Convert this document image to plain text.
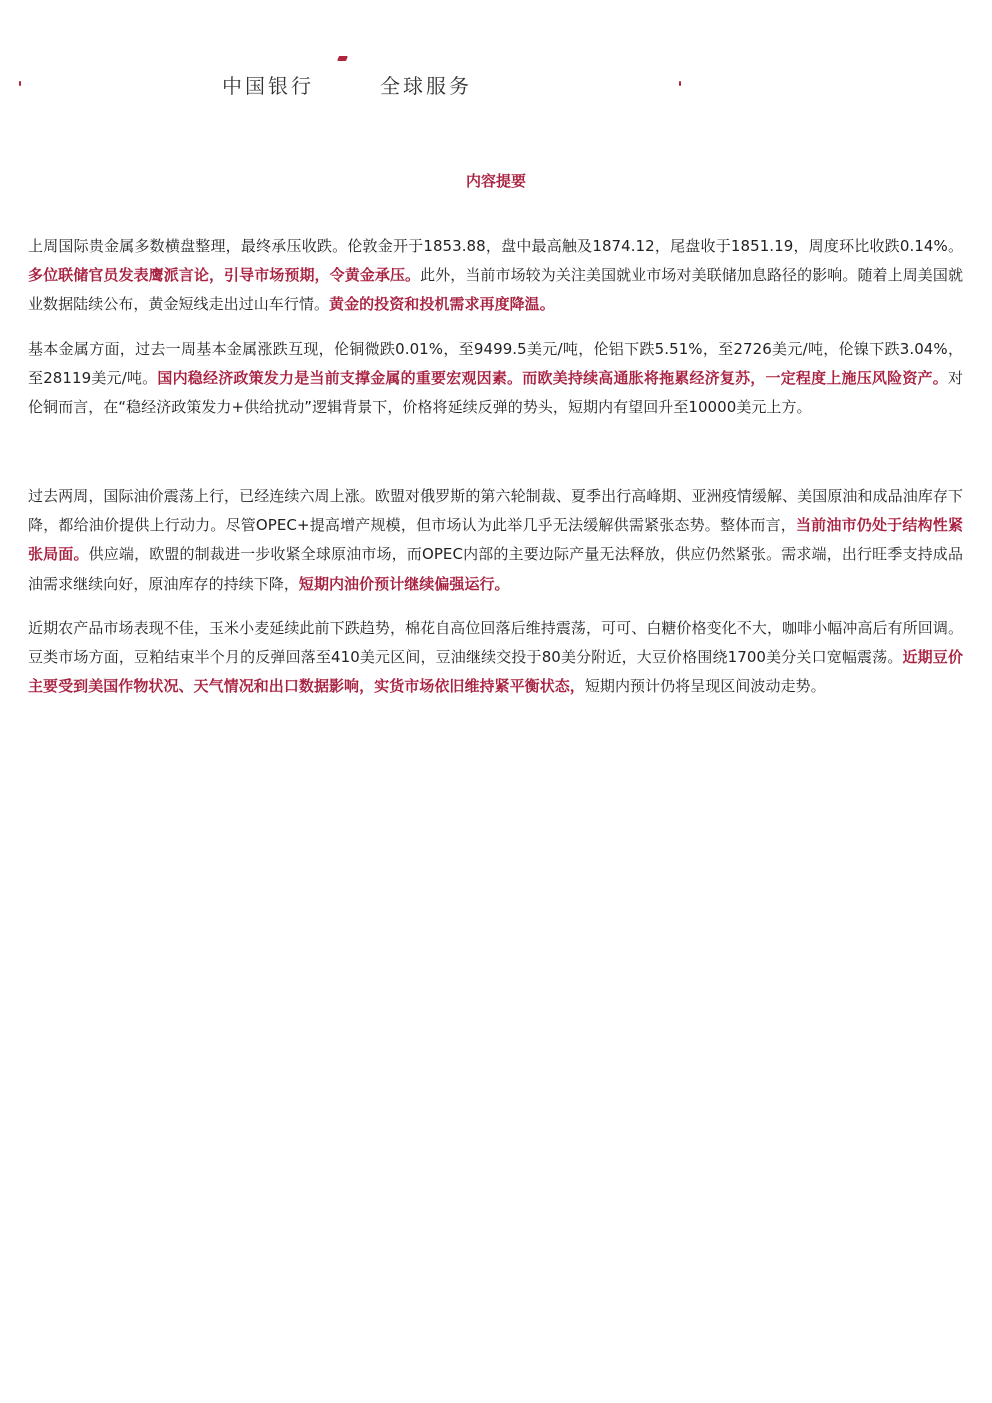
中国银行	全球服务
内容提要

上周国际贵金属多数横盘整理，最终承压收跌。伦敦金开于1853.88，盘中最高触及1874.12，尾盘收于1851.19，周度环比收跌0.14%。多位联储官员发表鹰派言论，引导市场预期，令黄金承压。此外，当前市场较为关注美国就业市场对美联储加息路径的影响。随着上周美国就业数据陆续公布，黄金短线走出过山车行情。黄金的投资和投机需求再度降温。

基本金属方面，过去一周基本金属涨跌互现，伦铜微跌0.01%，至9499.5美元/吨，伦铝下跌5.51%，至2726美元/吨，伦镍下跌3.04%，至28119美元/吨。国内稳经济政策发力是当前支撑金属的重要宏观因素。而欧美持续高通胀将拖累经济复苏，一定程度上施压风险资产。对伦铜而言，在“稳经济政策发力+供给扰动”逻辑背景下，价格将延续反弹的势头，短期内有望回升至10000美元上方。

过去两周，国际油价震荡上行，已经连续六周上涨。欧盟对俄罗斯的第六轮制裁、夏季出行高峰期、亚洲疫情缓解、美国原油和成品油库存下降，都给油价提供上行动力。尽管OPEC+提高增产规模，但市场认为此举几乎无法缓解供需紧张态势。整体而言，当前油市仍处于结构性紧张局面。供应端，欧盟的制裁进一步收紧全球原油市场，而OPEC内部的主要边际产量无法释放，供应仍然紧张。需求端，出行旺季支持成品油需求继续向好，原油库存的持续下降，短期内油价预计继续偏强运行。

近期农产品市场表现不佳，玉米小麦延续此前下跌趋势，棉花自高位回落后维持震荡，可可、白糖价格变化不大，咖啡小幅冲高后有所回调。豆类市场方面，豆粕结束半个月的反弹回落至410美元区间，豆油继续交投于80美分附近，大豆价格围绕1700美分关口宽幅震荡。近期豆价主要受到美国作物状况、天气情况和出口数据影响，实货市场依旧维持紧平衡状态，短期内预计仍将呈现区间波动走势。
